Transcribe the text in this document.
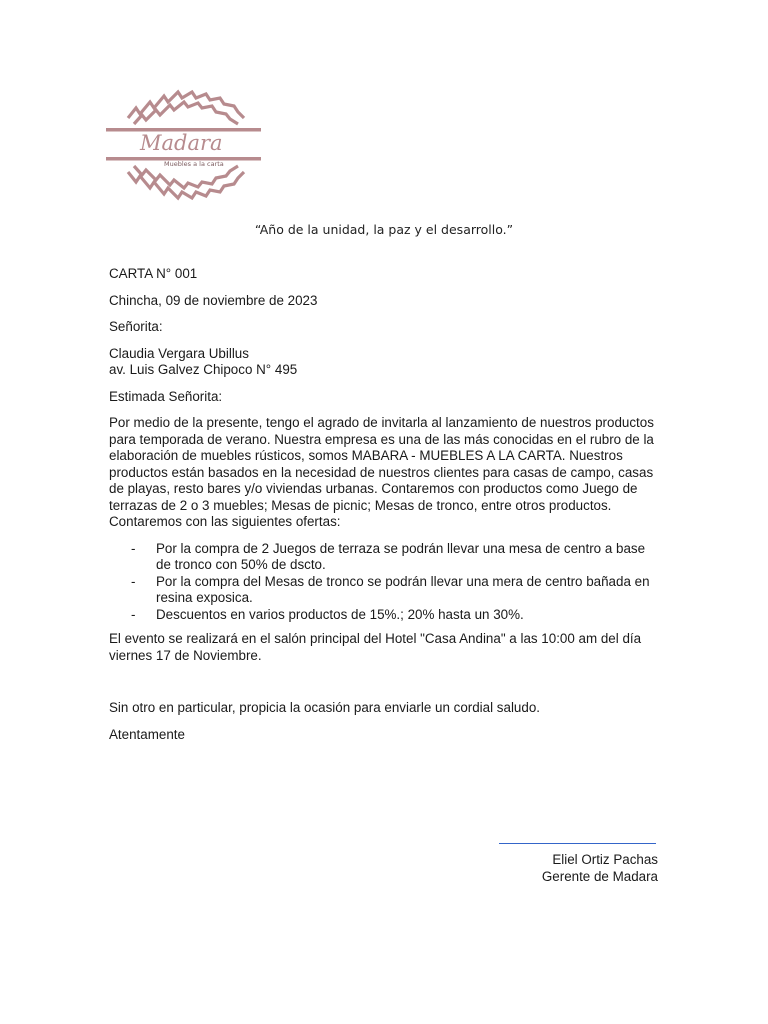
Madara
Muebles a la carta
“Año de la unidad, la paz y el desarrollo.”

CARTA N° 001

Chincha, 09 de noviembre de 2023

Señorita:

Claudia Vergara Ubillus
av. Luis Galvez Chipoco N° 495

Estimada Señorita:

Por medio de la presente, tengo el agrado de invitarla al lanzamiento de nuestros productos para temporada de verano. Nuestra empresa es una de las más conocidas en el rubro de la elaboración de muebles rústicos, somos MABARA - MUEBLES A LA CARTA. Nuestros productos están basados en la necesidad de nuestros clientes para casas de campo, casas de playas, resto bares y/o viviendas urbanas. Contaremos con productos como Juego de terrazas de 2 o 3 muebles; Mesas de picnic; Mesas de tronco, entre otros productos. Contaremos con las siguientes ofertas:

- Por la compra de 2 Juegos de terraza se podrán llevar una mesa de centro a base de tronco con 50% de dscto.
- Por la compra del Mesas de tronco se podrán llevar una mera de centro bañada en resina exposica.
- Descuentos en varios productos de 15%.; 20% hasta un 30%.

El evento se realizará en el salón principal del Hotel "Casa Andina" a las 10:00 am del día viernes 17 de Noviembre.

Sin otro en particular, propicia la ocasión para enviarle un cordial saludo.

Atentamente

Eliel Ortiz Pachas
Gerente de Madara
